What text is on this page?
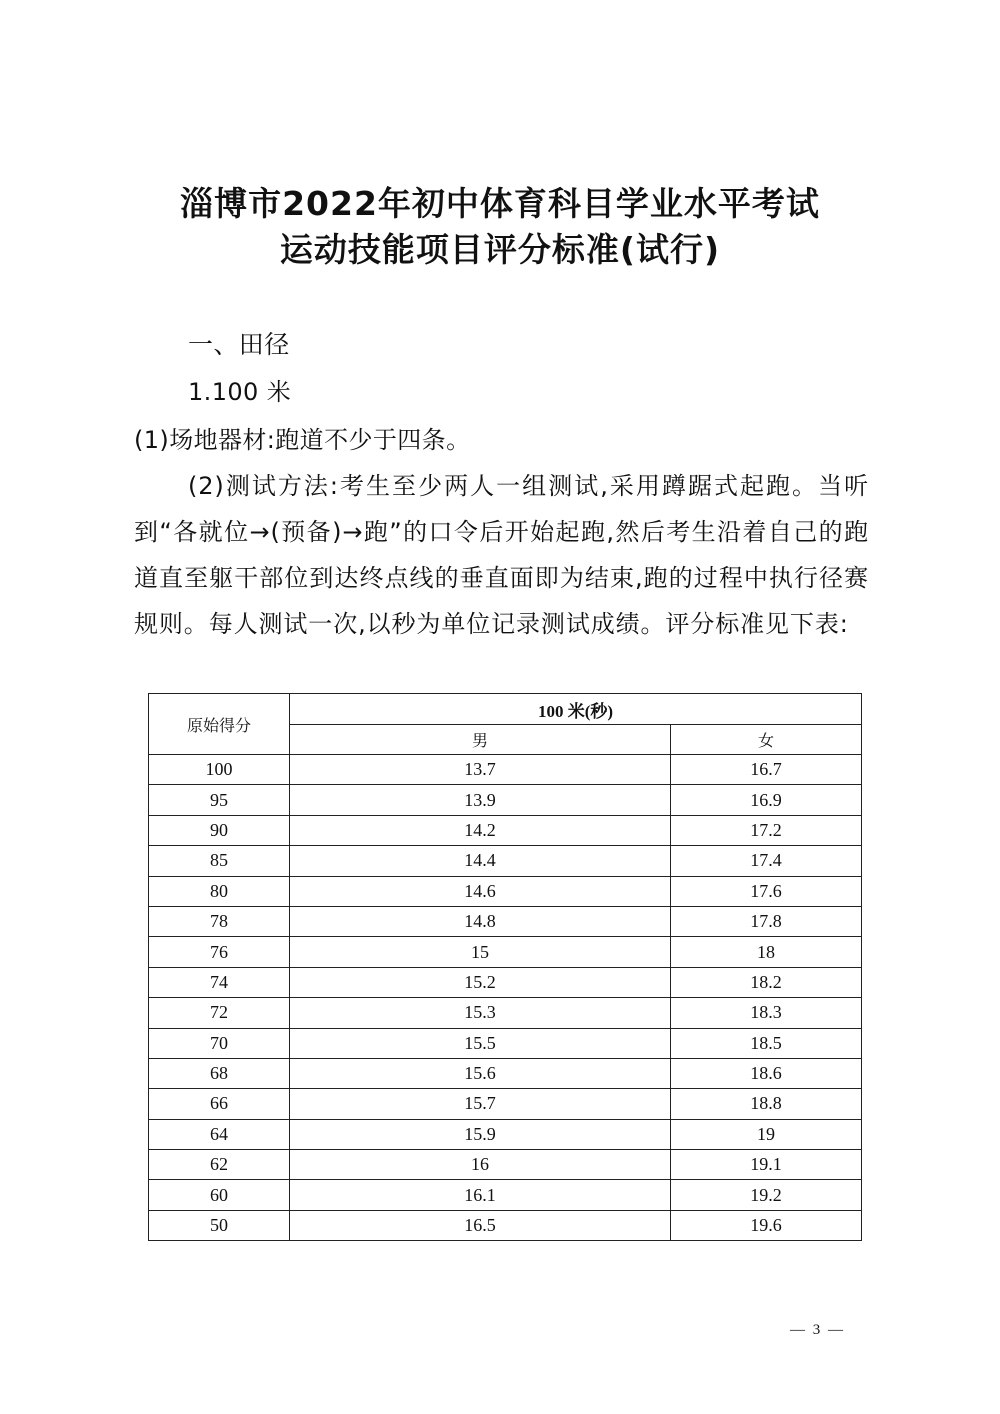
淄博市2022年初中体育科目学业水平考试
运动技能项目评分标准(试行)
一、田径
1.100 米
(1)场地器材:跑道不少于四条。
(2)测试方法:考生至少两人一组测试,采用蹲踞式起跑。当听到“各就位→(预备)→跑”的口令后开始起跑,然后考生沿着自己的跑道直至躯干部位到达终点线的垂直面即为结束,跑的过程中执行径赛规则。每人测试一次,以秒为单位记录测试成绩。评分标准见下表:
原始得分	100 米(秒)	
	男	女
100	13.7	16.7
95	13.9	16.9
90	14.2	17.2
85	14.4	17.4
80	14.6	17.6
78	14.8	17.8
76	15	18
74	15.2	18.2
72	15.3	18.3
70	15.5	18.5
68	15.6	18.6
66	15.7	18.8
64	15.9	19
62	16	19.1
60	16.1	19.2
50	16.5	19.6
— 3 —
